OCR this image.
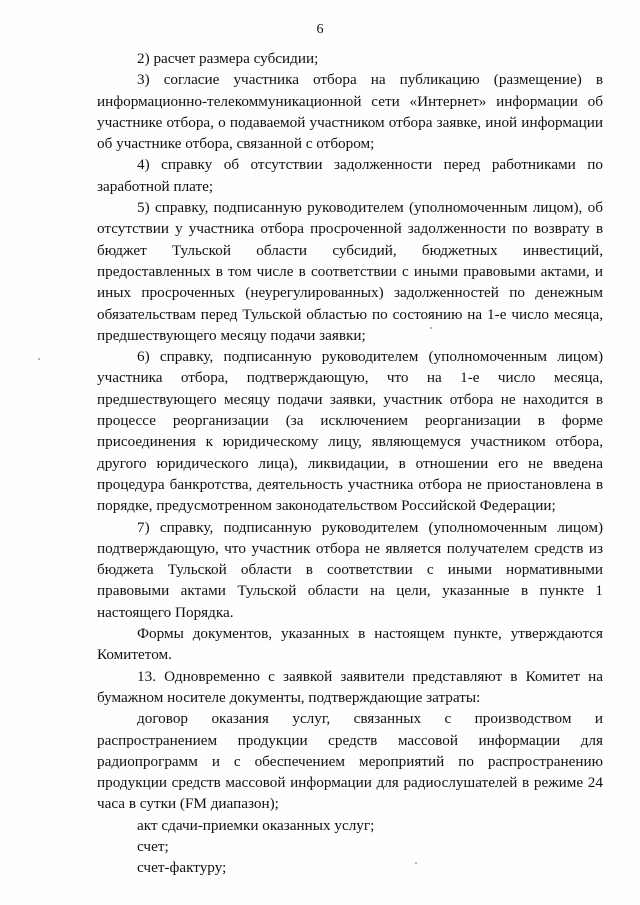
6

2) расчет размера субсидии;

3) согласие участника отбора на публикацию (размещение) в информационно-телекоммуникационной сети «Интернет» информации об участнике отбора, о подаваемой участником отбора заявке, иной информации об участнике отбора, связанной с отбором;

4) справку об отсутствии задолженности перед работниками по заработной плате;

5) справку, подписанную руководителем (уполномоченным лицом), об отсутствии у участника отбора просроченной задолженности по возврату в бюджет Тульской области субсидий, бюджетных инвестиций, предоставленных в том числе в соответствии с иными правовыми актами, и иных просроченных (неурегулированных) задолженностей по денежным обязательствам перед Тульской областью по состоянию на 1-е число месяца, предшествующего месяцу подачи заявки;

6) справку, подписанную руководителем (уполномоченным лицом) участника отбора, подтверждающую, что на 1-е число месяца, предшествующего месяцу подачи заявки, участник отбора не находится в процессе реорганизации (за исключением реорганизации в форме присоединения к юридическому лицу, являющемуся участником отбора, другого юридического лица), ликвидации, в отношении его не введена процедура банкротства, деятельность участника отбора не приостановлена в порядке, предусмотренном законодательством Российской Федерации;

7) справку, подписанную руководителем (уполномоченным лицом) подтверждающую, что участник отбора не является получателем средств из бюджета Тульской области в соответствии с иными нормативными правовыми актами Тульской области на цели, указанные в пункте 1 настоящего Порядка.

Формы документов, указанных в настоящем пункте, утверждаются Комитетом.

13. Одновременно с заявкой заявители представляют в Комитет на бумажном носителе документы, подтверждающие затраты:

договор оказания услуг, связанных с производством и распространением продукции средств массовой информации для радиопрограмм и с обеспечением мероприятий по распространению продукции средств массовой информации для радиослушателей в режиме 24 часа в сутки (FM диапазон);

акт сдачи-приемки оказанных услуг;

счет;

счет-фактуру;
